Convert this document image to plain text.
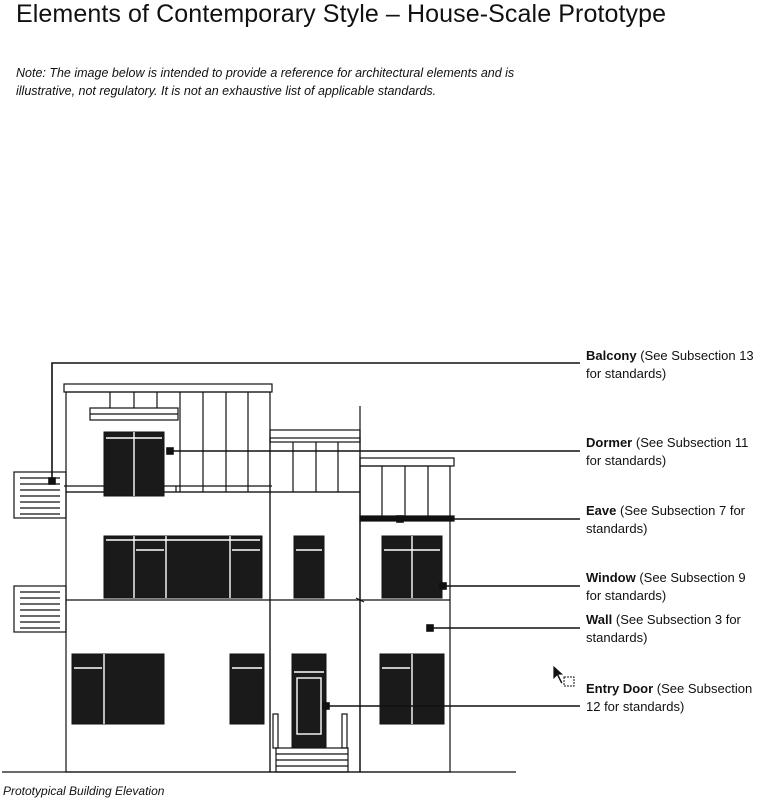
Elements of Contemporary Style – House-Scale Prototype
Note: The image below is intended to provide a reference for architectural elements and is illustrative, not regulatory. It is not an exhaustive list of applicable standards.
Balcony (See Subsection 13 for standards)
Dormer (See Subsection 11 for standards)
Eave (See Subsection 7 for standards)
Window (See Subsection 9 for standards)
Wall (See Subsection 3 for standards)
Entry Door (See Subsection 12 for standards)
Prototypical Building Elevation
